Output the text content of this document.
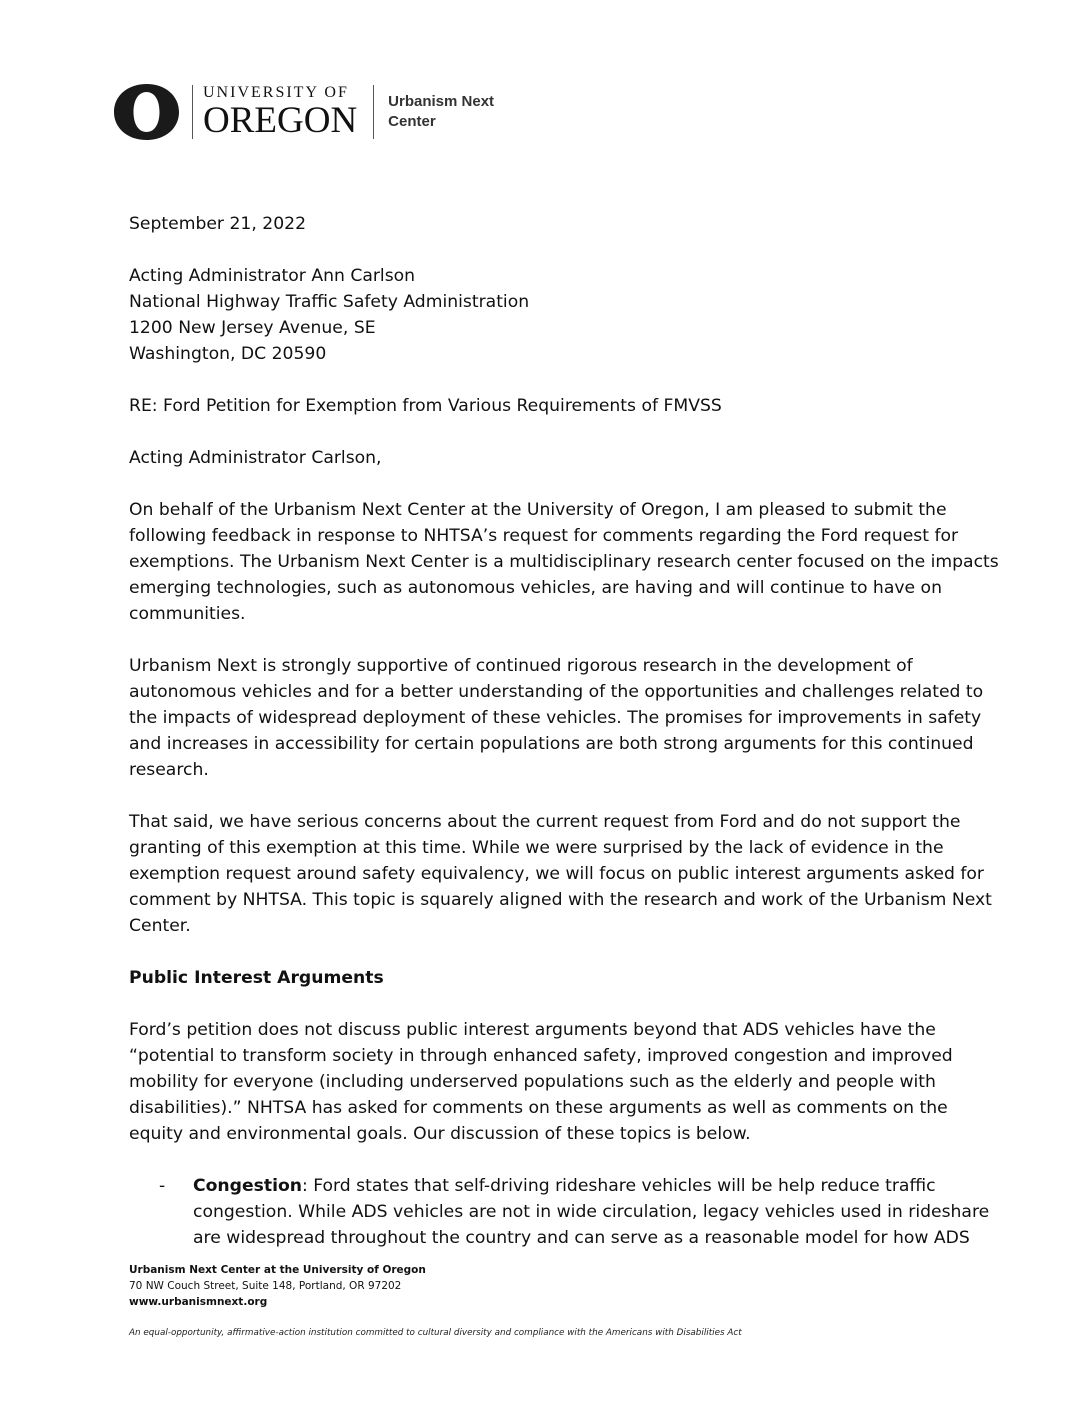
UNIVERSITY OF
OREGON Urbanism Next
Center

September 21, 2022

Acting Administrator Ann Carlson

National Highway Traffic Safety Administration

1200 New Jersey Avenue, SE

Washington, DC 20590

RE: Ford Petition for Exemption from Various Requirements of FMVSS

Acting Administrator Carlson,

On behalf of the Urbanism Next Center at the University of Oregon, I am pleased to submit the following feedback in response to NHTSA’s request for comments regarding the Ford request for exemptions. The Urbanism Next Center is a multidisciplinary research center focused on the impacts emerging technologies, such as autonomous vehicles, are having and will continue to have on communities.

Urbanism Next is strongly supportive of continued rigorous research in the development of autonomous vehicles and for a better understanding of the opportunities and challenges related to the impacts of widespread deployment of these vehicles. The promises for improvements in safety and increases in accessibility for certain populations are both strong arguments for this continued research.

That said, we have serious concerns about the current request from Ford and do not support the granting of this exemption at this time. While we were surprised by the lack of evidence in the exemption request around safety equivalency, we will focus on public interest arguments asked for comment by NHTSA. This topic is squarely aligned with the research and work of the Urbanism Next Center.

Public Interest Arguments

Ford’s petition does not discuss public interest arguments beyond that ADS vehicles have the “potential to transform society in through enhanced safety, improved congestion and improved mobility for everyone (including underserved populations such as the elderly and people with disabilities).” NHTSA has asked for comments on these arguments as well as comments on the equity and environmental goals. Our discussion of these topics is below.

- Congestion: Ford states that self-driving rideshare vehicles will be help reduce traffic congestion. While ADS vehicles are not in wide circulation, legacy vehicles used in rideshare are widespread throughout the country and can serve as a reasonable model for how ADS
Urbanism Next Center at the University of Oregon
70 NW Couch Street, Suite 148, Portland, OR 97202
www.urbanismnext.org
An equal-opportunity, affirmative-action institution committed to cultural diversity and compliance with the Americans with Disabilities Act
